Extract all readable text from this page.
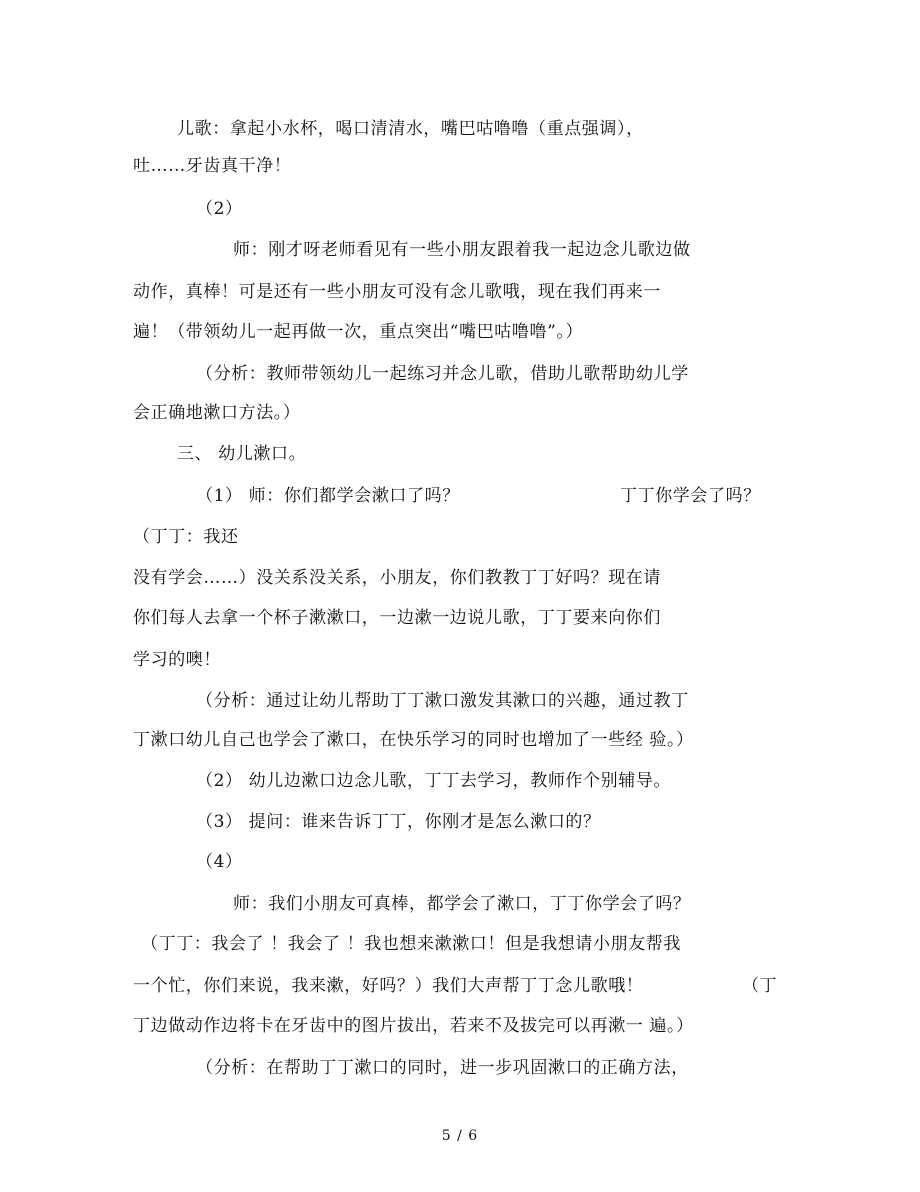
儿歌：拿起小水杯，喝口清清水，嘴巴咕噜噜（重点强调），
吐……牙齿真干净！
（2）
师：刚才呀老师看见有一些小朋友跟着我一起边念儿歌边做
动作，真棒！可是还有一些小朋友可没有念儿歌哦，现在我们再来一
遍！（带领幼儿一起再做一次，重点突出“嘴巴咕噜噜”。）
（分析：教师带领幼儿一起练习并念儿歌，借助儿歌帮助幼儿学
会正确地漱口方法。）
三、 幼儿漱口。
（1） 师：你们都学会漱口了吗？	丁丁你学会了吗？
（丁丁：我还
没有学会……）没关系没关系，小朋友，你们教教丁丁好吗？现在请
你们每人去拿一个杯子漱漱口，一边漱一边说儿歌，丁丁要来向你们
学习的噢！
（分析：通过让幼儿帮助丁丁漱口激发其漱口的兴趣，通过教丁
丁漱口幼儿自己也学会了漱口，在快乐学习的同时也增加了一些经 验。）
（2） 幼儿边漱口边念儿歌，丁丁去学习，教师作个别辅导。
（3） 提问：谁来告诉丁丁，你刚才是怎么漱口的？
（4）
师：我们小朋友可真棒，都学会了漱口，丁丁你学会了吗？
（丁丁：我会了 ！我会了 ！我也想来漱漱口！但是我想请小朋友帮我
一个忙，你们来说，我来漱，好吗？）我们大声帮丁丁念儿歌哦！	（丁
丁边做动作边将卡在牙齿中的图片拔出，若来不及拔完可以再漱一 遍。）
（分析：在帮助丁丁漱口的同时，进一步巩固漱口的正确方法，
5 / 6
